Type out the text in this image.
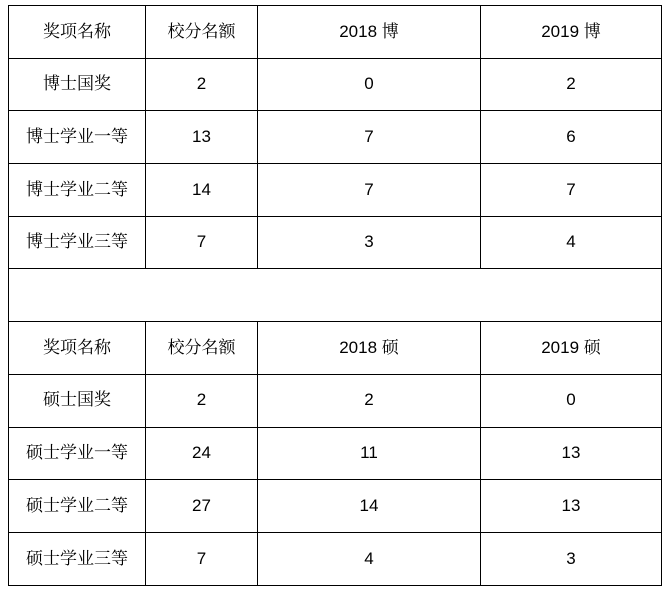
奖项名称	校分名额	2018 博	2019 博
博士国奖	2	0	2
博士学业一等	13	7	6
博士学业二等	14	7	7
博士学业三等	7	3	4

奖项名称	校分名额	2018 硕	2019 硕
硕士国奖	2	2	0
硕士学业一等	24	11	13
硕士学业二等	27	14	13
硕士学业三等	7	4	3
